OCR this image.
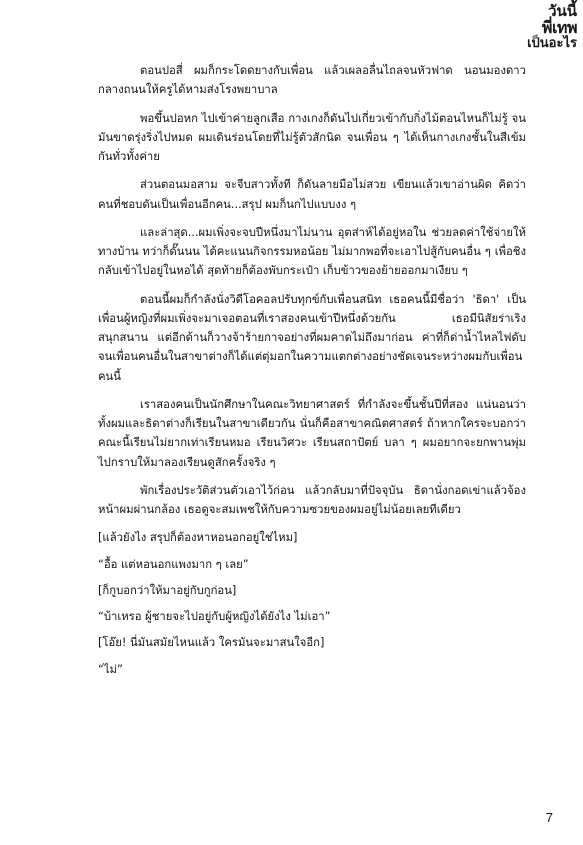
วันนี้
พี่เทพ
เป็นอะไร

ตอนปอสี่ ผมก็กระโดดยางกับเพื่อน แล้วเผลอลื่นไถลจนหัวฟาด นอนมองดาวกลางถนนให้ครูได้หามส่งโรงพยาบาล

พอขึ้นปอหก ไปเข้าค่ายลูกเสือ กางเกงก็ดันไปเกี่ยวเข้ากับกิ่งไม้ตอนไหนก็ไม่รู้ จนมันขาดรุ่งริ่งไปหมด ผมเดินร่อนโดยที่ไม่รู้ตัวสักนิด จนเพื่อน ๆ ได้เห็นกางเกงชั้นในสีเข้มกันทั่วทั้งค่าย

ส่วนตอนมอสาม จะจีบสาวทั้งที ก็ดันลายมือไม่สวย เขียนแล้วเขาอ่านผิด คิดว่าคนที่ชอบดันเป็นเพื่อนอีกคน...สรุป ผมก็นกไปแบบงง ๆ

และล่าสุด...ผมเพิ่งจะจบปีหนึ่งมาไม่นาน อุตส่าห์ได้อยู่หอใน ช่วยลดค่าใช้จ่ายให้ทางบ้าน ทว่าก็ดั๊นนน ได้คะแนนกิจกรรมหอน้อย ไม่มากพอที่จะเอาไปสู้กับคนอื่น ๆ เพื่อชิงกลับเข้าไปอยู่ในหอได้ สุดท้ายก็ต้องพับกระเป๋า เก็บข้าวของย้ายออกมาเงียบ ๆ

ตอนนี้ผมก็กำลังนั่งวิดีโอคอลปรับทุกข์กับเพื่อนสนิท เธอคนนี้มีชื่อว่า 'ธิดา' เป็นเพื่อนผู้หญิงที่ผมเพิ่งจะมาเจอตอนที่เราสองคนเข้าปีหนึ่งด้วยกัน เธอมีนิสัยร่าเริง สนุกสนาน แต่อีกด้านก็วางจ้าร้ายกาจอย่างที่ผมคาดไม่ถึงมาก่อน ค่าที่ก็ด่าน้ำไหลไฟดับ จนเพื่อนคนอื่นในสาขาต่างก็ได้แต่ตุ่มอกในความแตกต่างอย่างชัดเจนระหว่างผมกับเพื่อนคนนี้

เราสองคนเป็นนักศึกษาในคณะวิทยาศาสตร์ ที่กำลังจะขึ้นชั้นปีที่สอง แน่นอนว่าทั้งผมและธิดาต่างก็เรียนในสาขาเดียวกัน นั่นก็คือสาขาคณิตศาสตร์ ถ้าหากใครจะบอกว่าคณะนี้เรียนไม่ยากเท่าเรียนหมอ เรียนวิศวะ เรียนสถาปัตย์ บลา ๆ ผมอยากจะยกพานพุ่มไปกราบให้มาลองเรียนดูสักครั้งจริง ๆ

พักเรื่องประวัติส่วนตัวเอาไว้ก่อน แล้วกลับมาที่ปัจจุบัน ธิดานั่งกอดเข่าแล้วจ้องหน้าผมผ่านกล้อง เธอดูจะสมเพชให้กับความซวยของผมอยู่ไม่น้อยเลยทีเดียว

[แล้วยังไง สรุปก็ต้องหาหอนอกอยู่ใช่ไหม]

“อื้อ แต่หอนอกแพงมาก ๆ เลย”

[ก็กูบอกว่าให้มาอยู่กับกูก่อน]

“บ้าเหรอ ผู้ชายจะไปอยู่กับผู้หญิงได้ยังไง ไม่เอา”

[โอ๊ย! นี่มันสมัยไหนแล้ว ใครมันจะมาสนใจอีก]

“ไม่”

7
